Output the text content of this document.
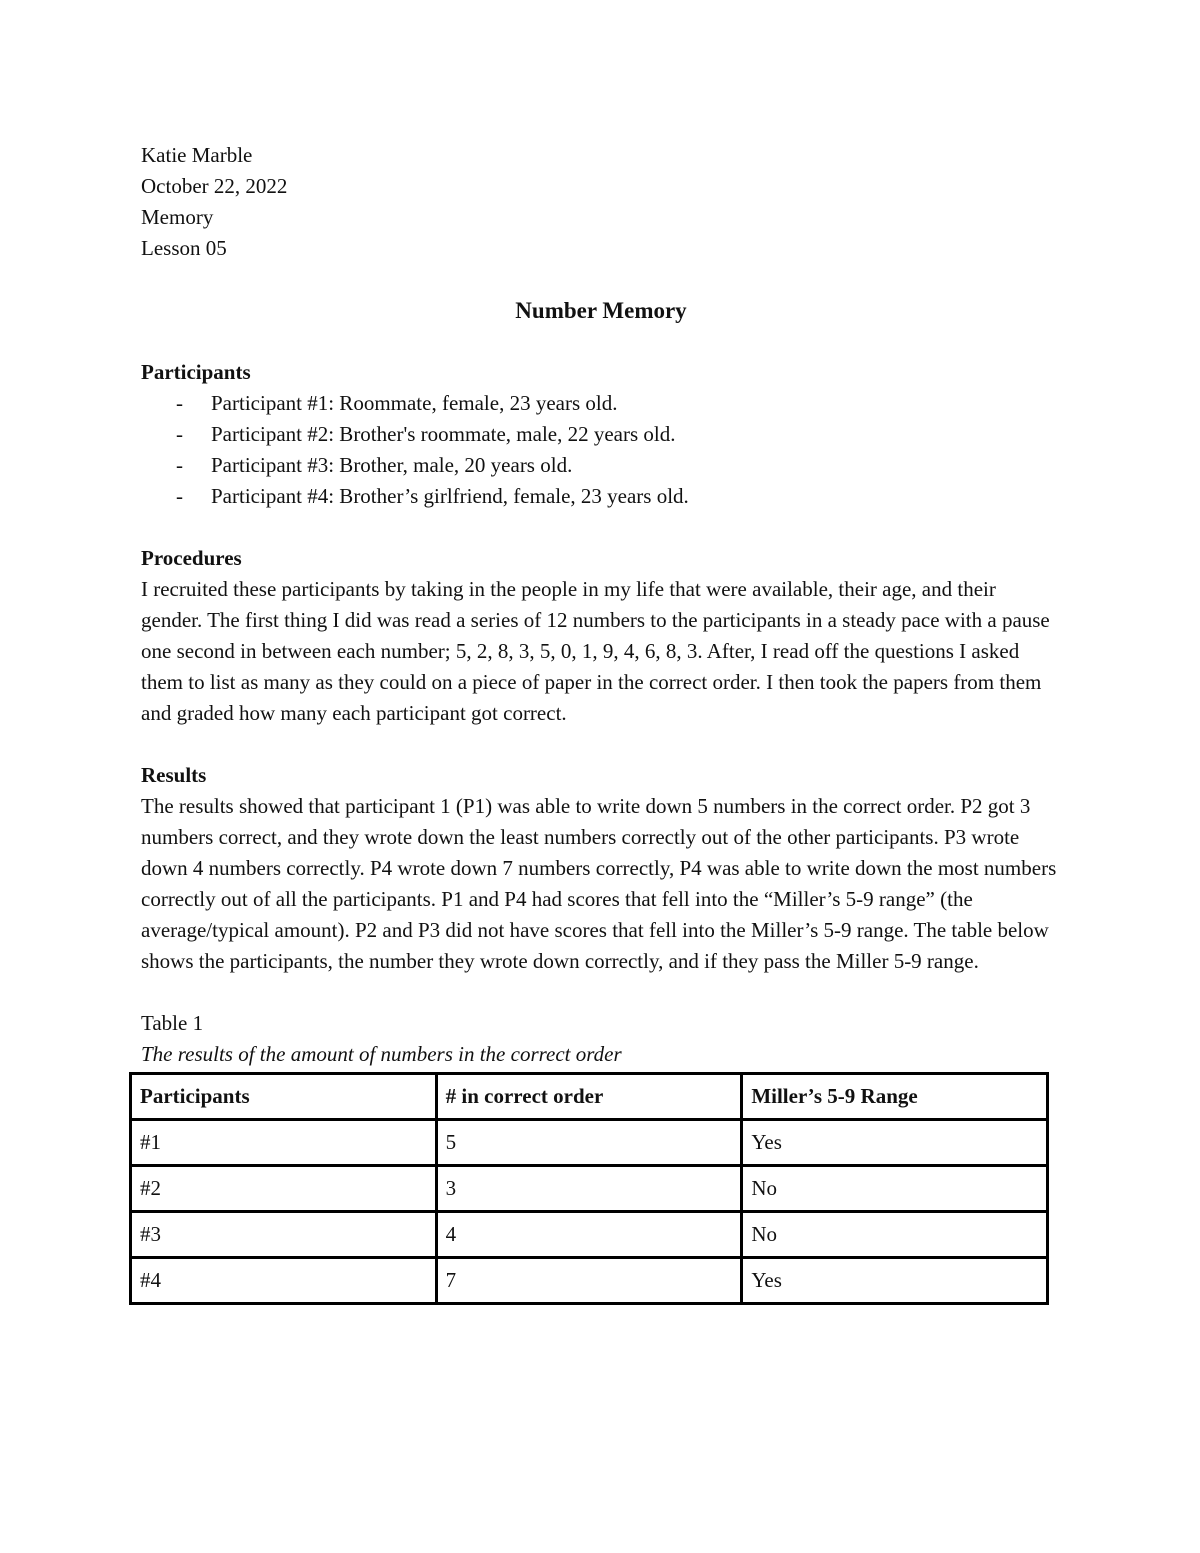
Katie Marble

October 22, 2022

Memory

Lesson 05

Number Memory

Participants

- Participant #1: Roommate, female, 23 years old.
- Participant #2: Brother's roommate, male, 22 years old.
- Participant #3: Brother, male, 20 years old.
- Participant #4: Brother’s girlfriend, female, 23 years old.

Procedures

I recruited these participants by taking in the people in my life that were available, their age, and their gender. The first thing I did was read a series of 12 numbers to the participants in a steady pace with a pause one second in between each number; 5, 2, 8, 3, 5, 0, 1, 9, 4, 6, 8, 3. After, I read off the questions I asked them to list as many as they could on a piece of paper in the correct order. I then took the papers from them and graded how many each participant got correct.

Results

The results showed that participant 1 (P1) was able to write down 5 numbers in the correct order. P2 got 3 numbers correct, and they wrote down the least numbers correctly out of the other participants. P3 wrote down 4 numbers correctly. P4 wrote down 7 numbers correctly, P4 was able to write down the most numbers correctly out of all the participants. P1 and P4 had scores that fell into the “Miller’s 5-9 range” (the average/typical amount). P2 and P3 did not have scores that fell into the Miller’s 5-9 range. The table below shows the participants, the number they wrote down correctly, and if they pass the Miller 5-9 range.

Table 1

The results of the amount of numbers in the correct order

Participants	# in correct order	Miller’s 5-9 Range
#1	5	Yes
#2	3	No
#3	4	No
#4	7	Yes
